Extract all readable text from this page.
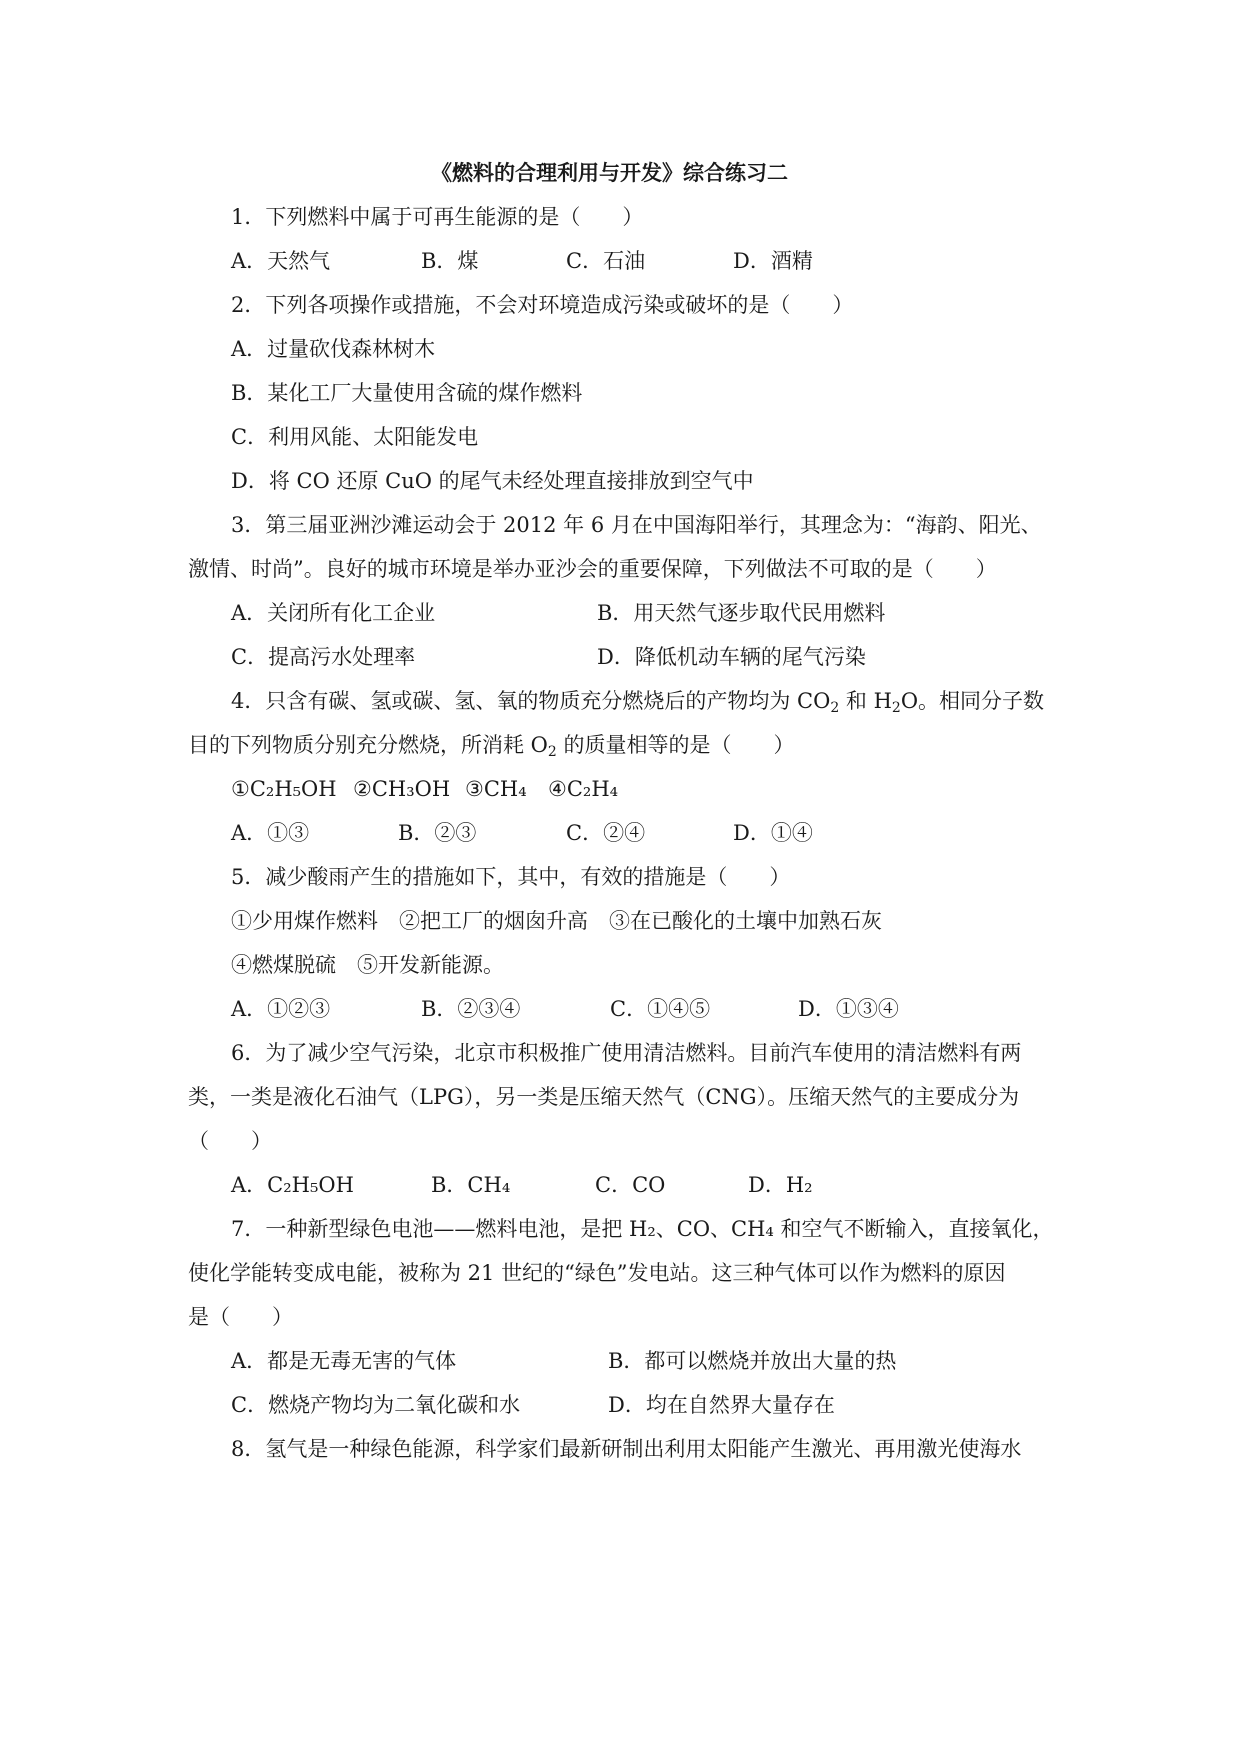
《燃料的合理利用与开发》综合练习二
1．下列燃料中属于可再生能源的是（　　）
A．天然气	B．煤	C．石油	D．酒精
2．下列各项操作或措施，不会对环境造成污染或破坏的是（　　）
A．过量砍伐森林树木
B．某化工厂大量使用含硫的煤作燃料
C．利用风能、太阳能发电
D．将 CO 还原 CuO 的尾气未经处理直接排放到空气中
3．第三届亚洲沙滩运动会于 2012 年 6 月在中国海阳举行，其理念为：“海韵、阳光、
激情、时尚”。良好的城市环境是举办亚沙会的重要保障，下列做法不可取的是（　　）
A．关闭所有化工企业	B．用天然气逐步取代民用燃料
C．提高污水处理率	D．降低机动车辆的尾气污染
4．只含有碳、氢或碳、氢、氧的物质充分燃烧后的产物均为 $CO_2$ 和 $H_2O$。相同分子数
目的下列物质分别充分燃烧，所消耗 $O_2$ 的质量相等的是（　　）
①C₂H₅OH ②CH₃OH ③CH₄ ④C₂H₄
A．①③	B．②③	C．②④	D．①④
5．减少酸雨产生的措施如下，其中，有效的措施是（　　）
①少用煤作燃料　②把工厂的烟囱升高　③在已酸化的土壤中加熟石灰
④燃煤脱硫　⑤开发新能源。
A．①②③	B．②③④	C．①④⑤	D．①③④
6．为了减少空气污染，北京市积极推广使用清洁燃料。目前汽车使用的清洁燃料有两
类，一类是液化石油气（LPG），另一类是压缩天然气（CNG）。压缩天然气的主要成分为
（　　）
A．C₂H₅OH	B．CH₄	C．CO	D．H₂
7．一种新型绿色电池——燃料电池，是把 H₂、CO、CH₄ 和空气不断输入，直接氧化，
使化学能转变成电能，被称为 21 世纪的“绿色”发电站。这三种气体可以作为燃料的原因
是（　　）
A．都是无毒无害的气体	B．都可以燃烧并放出大量的热
C．燃烧产物均为二氧化碳和水	D．均在自然界大量存在
8．氢气是一种绿色能源，科学家们最新研制出利用太阳能产生激光、再用激光使海水
